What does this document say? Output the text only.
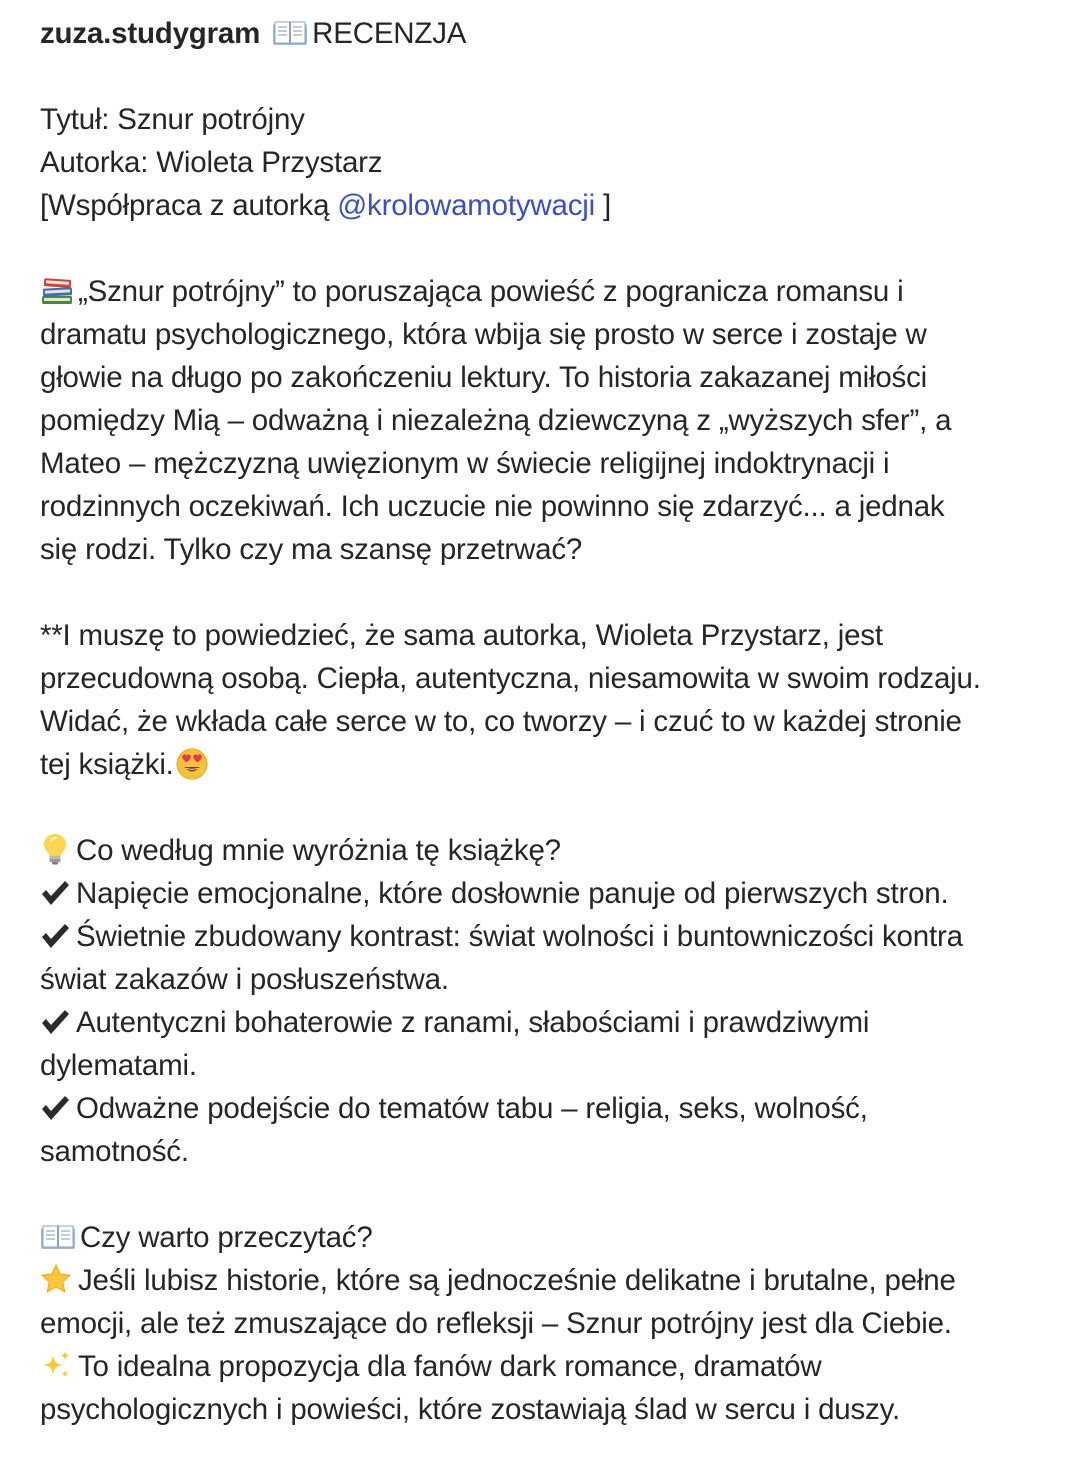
zuza.studygram RECENZJA
Tytuł: Sznur potrójny
Autorka: Wioleta Przystarz
[Współpraca z autorką @krolowamotywacji ]
„Sznur potrójny” to poruszająca powieść z pogranicza romansu i
dramatu psychologicznego, która wbija się prosto w serce i zostaje w
głowie na długo po zakończeniu lektury. To historia zakazanej miłości
pomiędzy Mią – odważną i niezależną dziewczyną z „wyższych sfer”, a
Mateo – mężczyzną uwięzionym w świecie religijnej indoktrynacji i
rodzinnych oczekiwań. Ich uczucie nie powinno się zdarzyć... a jednak
się rodzi. Tylko czy ma szansę przetrwać?
**I muszę to powiedzieć, że sama autorka, Wioleta Przystarz, jest
przecudowną osobą. Ciepła, autentyczna, niesamowita w swoim rodzaju.
Widać, że wkłada całe serce w to, co tworzy – i czuć to w każdej stronie
tej książki.
Co według mnie wyróżnia tę książkę?
Napięcie emocjonalne, które dosłownie panuje od pierwszych stron.
Świetnie zbudowany kontrast: świat wolności i buntowniczości kontra
świat zakazów i posłuszeństwa.
Autentyczni bohaterowie z ranami, słabościami i prawdziwymi
dylematami.
Odważne podejście do tematów tabu – religia, seks, wolność,
samotność.
Czy warto przeczytać?
Jeśli lubisz historie, które są jednocześnie delikatne i brutalne, pełne
emocji, ale też zmuszające do refleksji – Sznur potrójny jest dla Ciebie.
To idealna propozycja dla fanów dark romance, dramatów
psychologicznych i powieści, które zostawiają ślad w sercu i duszy.
